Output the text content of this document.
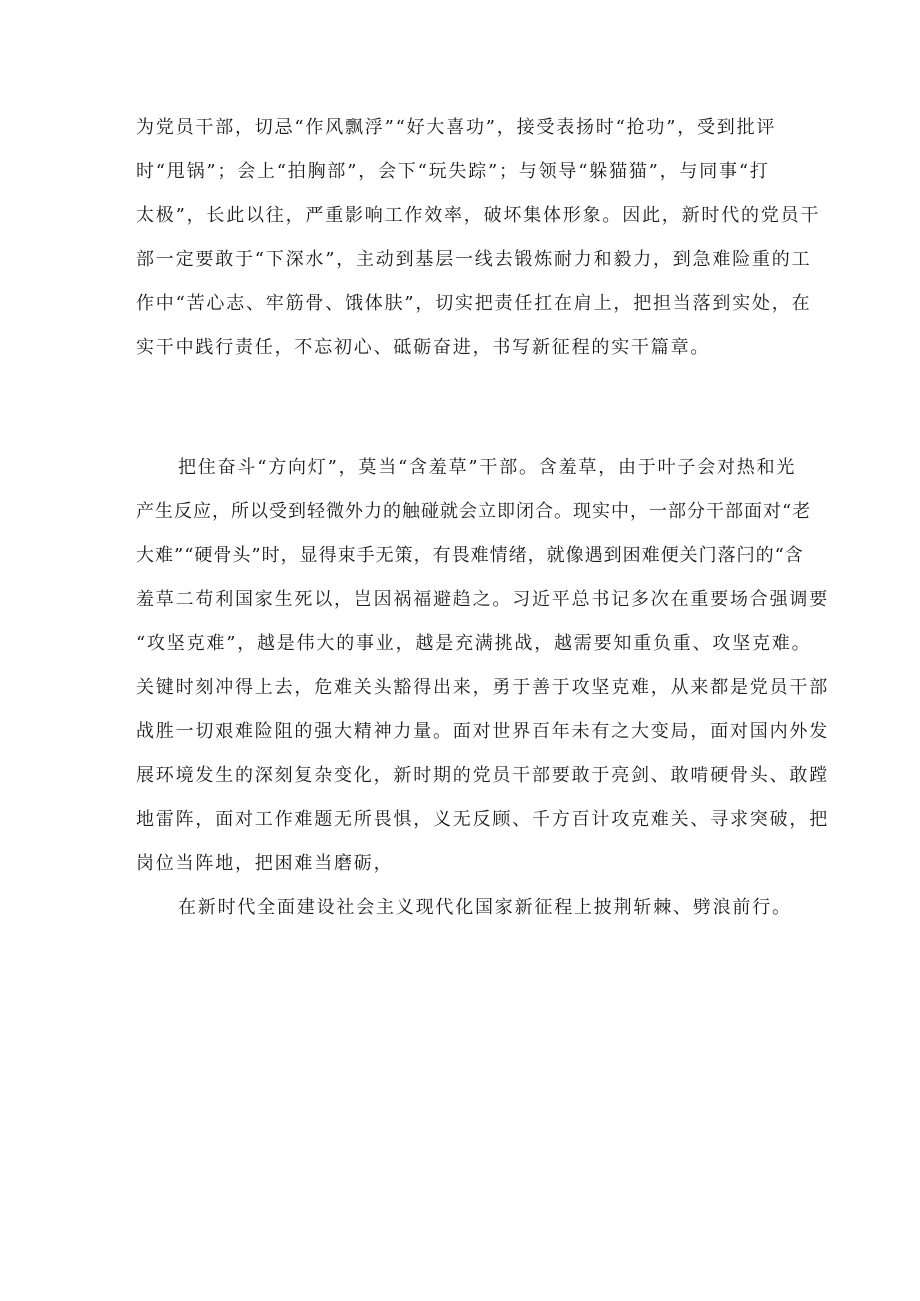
为党员干部，切忌“作风飘浮”“好大喜功”，接受表扬时“抢功”，受到批评

时“甩锅”；会上“拍胸部”，会下“玩失踪”；与领导“躲猫猫”，与同事“打

太极”，长此以往，严重影响工作效率，破坏集体形象。因此，新时代的党员干

部一定要敢于“下深水”，主动到基层一线去锻炼耐力和毅力，到急难险重的工

作中“苦心志、牢筋骨、饿体肤”，切实把责任扛在肩上，把担当落到实处，在

实干中践行责任，不忘初心、砥砺奋进，书写新征程的实干篇章。

把住奋斗“方向灯”，莫当“含羞草”干部。含羞草，由于叶子会对热和光

产生反应，所以受到轻微外力的触碰就会立即闭合。现实中，一部分干部面对“老

大难”“硬骨头”时，显得束手无策，有畏难情绪，就像遇到困难便关门落闩的“含

羞草二苟利国家生死以，岂因祸福避趋之。习近平总书记多次在重要场合强调要

“攻坚克难”，越是伟大的事业，越是充满挑战，越需要知重负重、攻坚克难。

关键时刻冲得上去，危难关头豁得出来，勇于善于攻坚克难，从来都是党员干部

战胜一切艰难险阻的强大精神力量。面对世界百年未有之大变局，面对国内外发

展环境发生的深刻复杂变化，新时期的党员干部要敢于亮剑、敢啃硬骨头、敢蹚

地雷阵，面对工作难题无所畏惧，义无反顾、千方百计攻克难关、寻求突破，把

岗位当阵地，把困难当磨砺，

在新时代全面建设社会主义现代化国家新征程上披荆斩棘、劈浪前行。
